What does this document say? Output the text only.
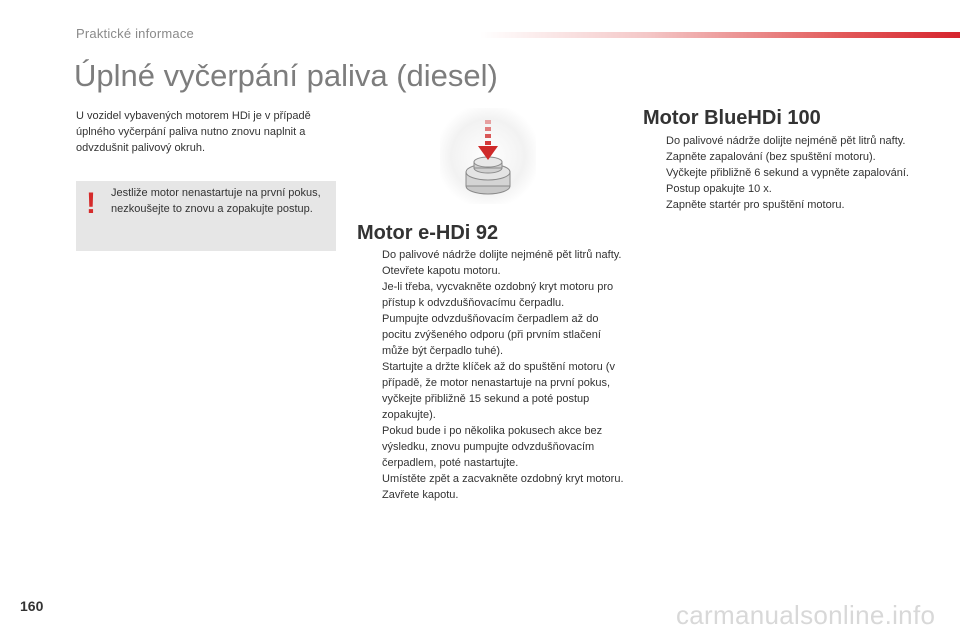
Praktické informace
Úplné vyčerpání paliva (diesel)
U vozidel vybavených motorem HDi je v případě úplného vyčerpání paliva nutno znovu naplnit a odvzdušnit palivový okruh.
! Jestliže motor nenastartuje na první pokus, nezkoušejte to znovu a zopakujte postup.
Motor e-HDi 92
Do palivové nádrže dolijte nejméně pět litrů nafty.
Otevřete kapotu motoru.
Je-li třeba, vycvakněte ozdobný kryt motoru pro přístup k odvzdušňovacímu čerpadlu.
Pumpujte odvzdušňovacím čerpadlem až do pocitu zvýšeného odporu (při prvním stlačení může být čerpadlo tuhé).
Startujte a držte klíček až do spuštění motoru (v případě, že motor nenastartuje na první pokus, vyčkejte přibližně 15 sekund a poté postup zopakujte).
Pokud bude i po několika pokusech akce bez výsledku, znovu pumpujte odvzdušňovacím čerpadlem, poté nastartujte.
Umístěte zpět a zacvakněte ozdobný kryt motoru.
Zavřete kapotu.
Motor BlueHDi 100
Do palivové nádrže dolijte nejméně pět litrů nafty.
Zapněte zapalování (bez spuštění motoru).
Vyčkejte přibližně 6 sekund a vypněte zapalování.
Postup opakujte 10 x.
Zapněte startér pro spuštění motoru.
160	carmanualsonline.info
